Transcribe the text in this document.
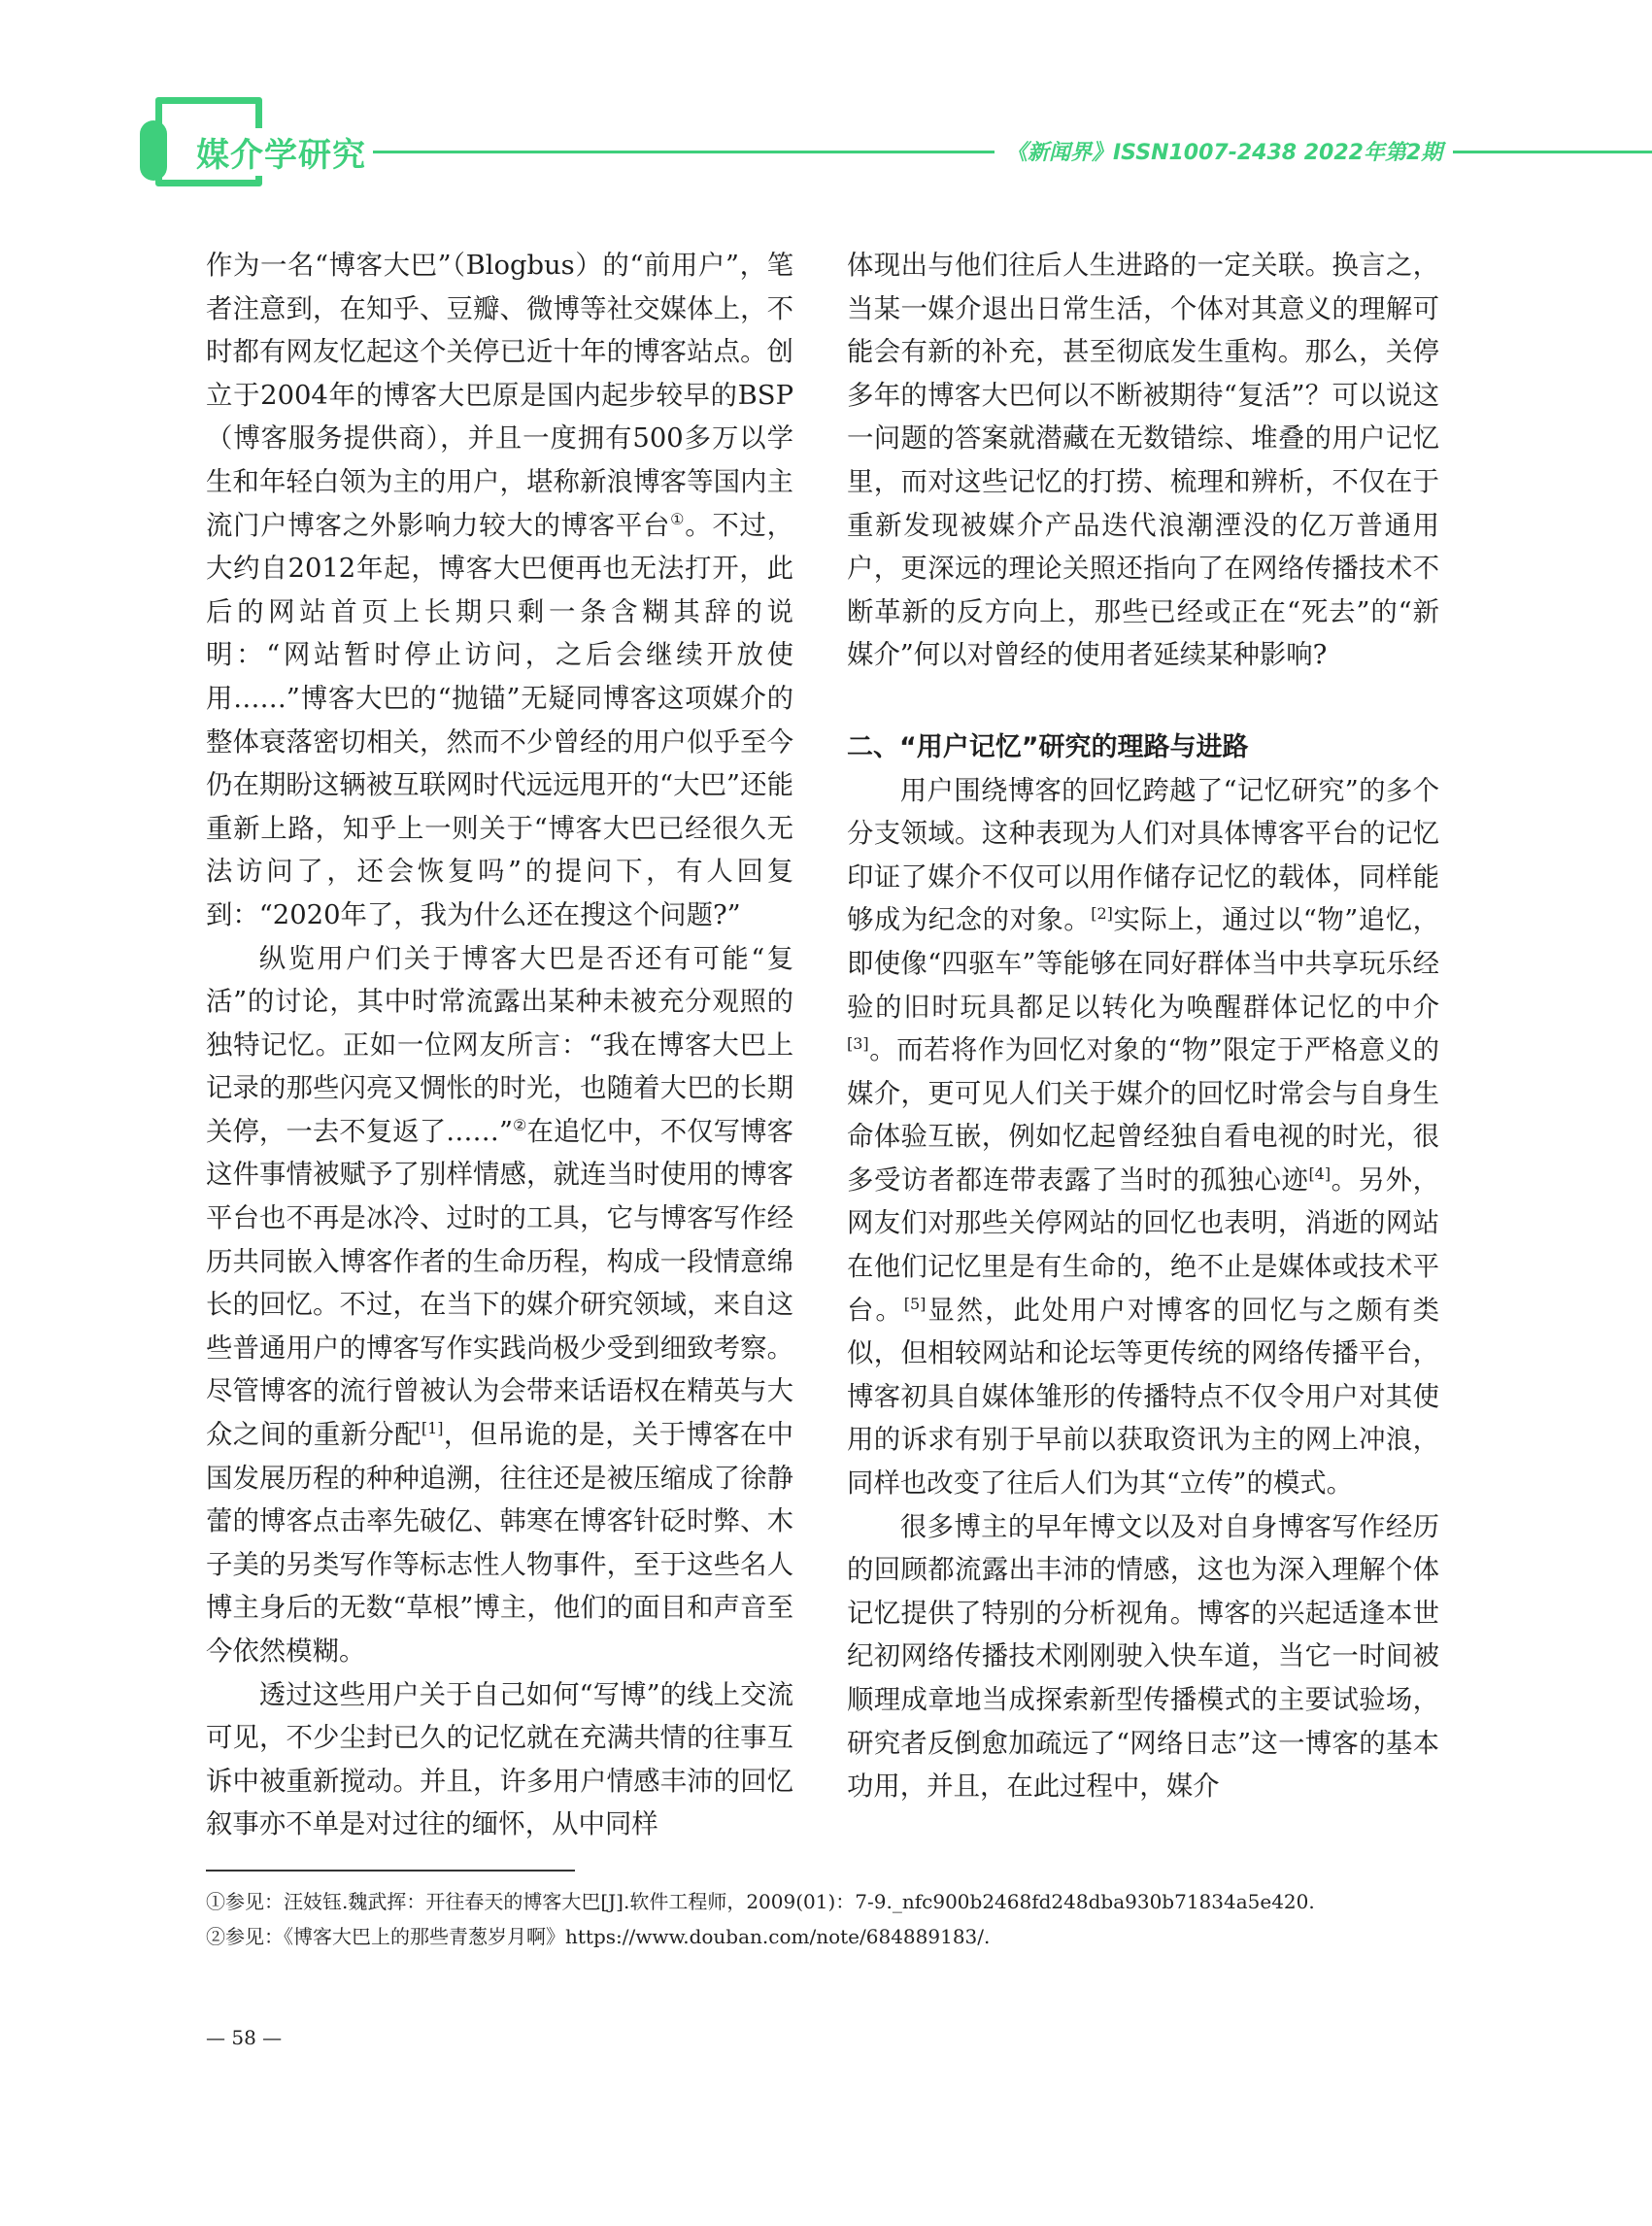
媒介学研究	《新闻界》ISSN1007-2438 2022年第2期

作为一名“博客大巴”（Blogbus）的“前用户”，笔者注意到，在知乎、豆瓣、微博等社交媒体上，不时都有网友忆起这个关停已近十年的博客站点。创立于2004年的博客大巴原是国内起步较早的BSP（博客服务提供商），并且一度拥有500多万以学生和年轻白领为主的用户，堪称新浪博客等国内主流门户博客之外影响力较大的博客平台①。不过，大约自2012年起，博客大巴便再也无法打开，此后的网站首页上长期只剩一条含糊其辞的说明：“网站暂时停止访问，之后会继续开放使用……”博客大巴的“抛锚”无疑同博客这项媒介的整体衰落密切相关，然而不少曾经的用户似乎至今仍在期盼这辆被互联网时代远远甩开的“大巴”还能重新上路，知乎上一则关于“博客大巴已经很久无法访问了，还会恢复吗”的提问下，有人回复到：“2020年了，我为什么还在搜这个问题?”

纵览用户们关于博客大巴是否还有可能“复活”的讨论，其中时常流露出某种未被充分观照的独特记忆。正如一位网友所言：“我在博客大巴上记录的那些闪亮又惆怅的时光，也随着大巴的长期关停，一去不复返了……”②在追忆中，不仅写博客这件事情被赋予了别样情感，就连当时使用的博客平台也不再是冰冷、过时的工具，它与博客写作经历共同嵌入博客作者的生命历程，构成一段情意绵长的回忆。不过，在当下的媒介研究领域，来自这些普通用户的博客写作实践尚极少受到细致考察。尽管博客的流行曾被认为会带来话语权在精英与大众之间的重新分配[1]，但吊诡的是，关于博客在中国发展历程的种种追溯，往往还是被压缩成了徐静蕾的博客点击率先破亿、韩寒在博客针砭时弊、木子美的另类写作等标志性人物事件，至于这些名人博主身后的无数“草根”博主，他们的面目和声音至今依然模糊。

透过这些用户关于自己如何“写博”的线上交流可见，不少尘封已久的记忆就在充满共情的往事互诉中被重新搅动。并且，许多用户情感丰沛的回忆叙事亦不单是对过往的缅怀，从中同样

体现出与他们往后人生进路的一定关联。换言之，当某一媒介退出日常生活，个体对其意义的理解可能会有新的补充，甚至彻底发生重构。那么，关停多年的博客大巴何以不断被期待“复活”？可以说这一问题的答案就潜藏在无数错综、堆叠的用户记忆里，而对这些记忆的打捞、梳理和辨析，不仅在于重新发现被媒介产品迭代浪潮湮没的亿万普通用户，更深远的理论关照还指向了在网络传播技术不断革新的反方向上，那些已经或正在“死去”的“新媒介”何以对曾经的使用者延续某种影响?

二、“用户记忆”研究的理路与进路

用户围绕博客的回忆跨越了“记忆研究”的多个分支领域。这种表现为人们对具体博客平台的记忆印证了媒介不仅可以用作储存记忆的载体，同样能够成为纪念的对象。[2]实际上，通过以“物”追忆，即使像“四驱车”等能够在同好群体当中共享玩乐经验的旧时玩具都足以转化为唤醒群体记忆的中介[3]。而若将作为回忆对象的“物”限定于严格意义的媒介，更可见人们关于媒介的回忆时常会与自身生命体验互嵌，例如忆起曾经独自看电视的时光，很多受访者都连带表露了当时的孤独心迹[4]。另外，网友们对那些关停网站的回忆也表明，消逝的网站在他们记忆里是有生命的，绝不止是媒体或技术平台。[5]显然，此处用户对博客的回忆与之颇有类似，但相较网站和论坛等更传统的网络传播平台，博客初具自媒体雏形的传播特点不仅令用户对其使用的诉求有别于早前以获取资讯为主的网上冲浪，同样也改变了往后人们为其“立传”的模式。

很多博主的早年博文以及对自身博客写作经历的回顾都流露出丰沛的情感，这也为深入理解个体记忆提供了特别的分析视角。博客的兴起适逢本世纪初网络传播技术刚刚驶入快车道，当它一时间被顺理成章地当成探索新型传播模式的主要试验场，研究者反倒愈加疏远了“网络日志”这一博客的基本功用，并且，在此过程中，媒介

①参见：汪妓钰.魏武挥：开往春天的博客大巴[J].软件工程师，2009(01)：7-9._nfc900b2468fd248dba930b71834a5e420.

②参见：《博客大巴上的那些青葱岁月啊》https://www.douban.com/note/684889183/.

— 58 —
